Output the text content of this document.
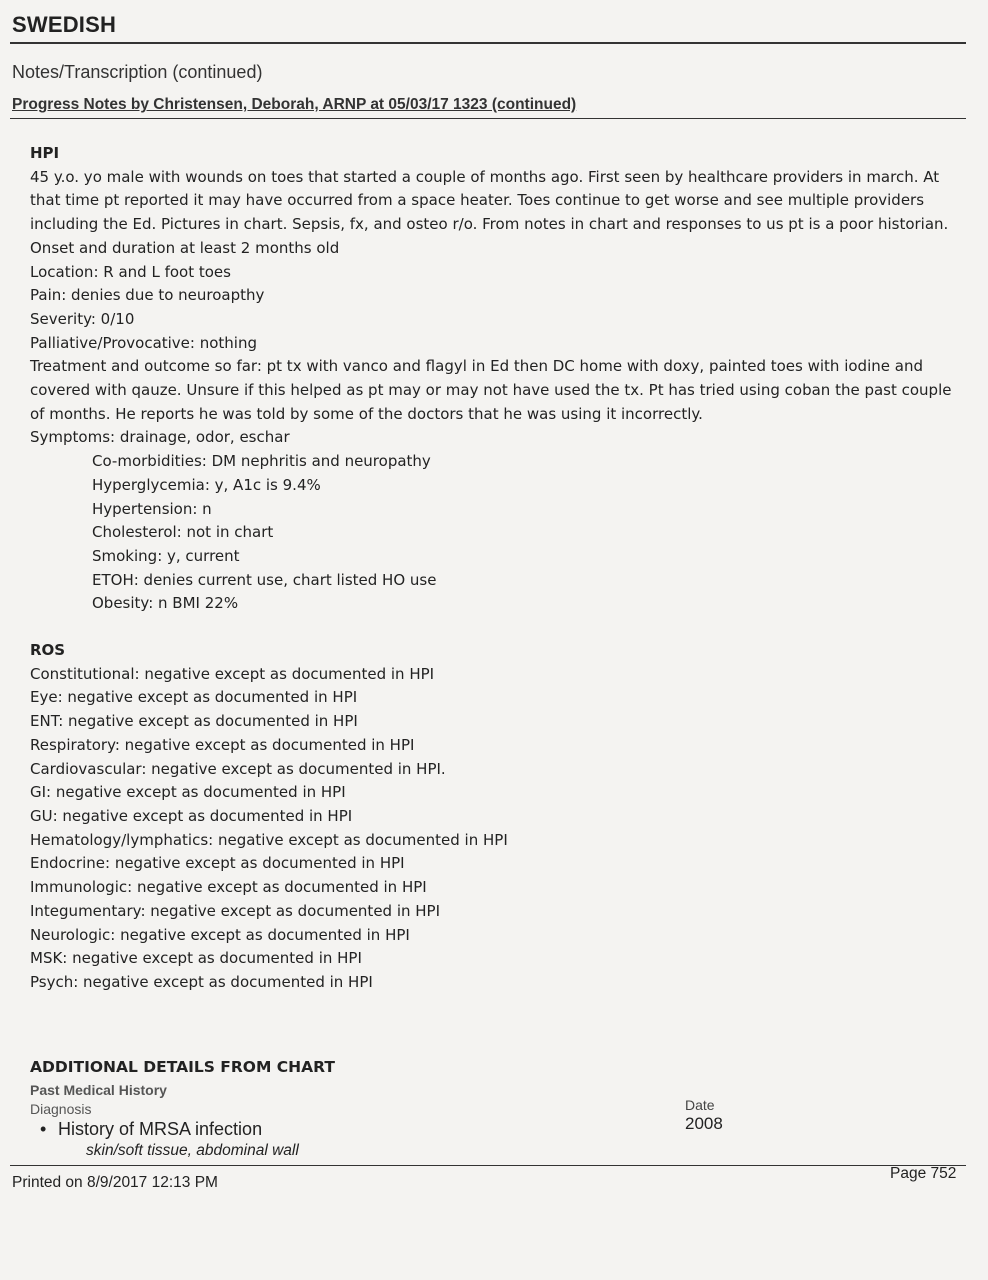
SWEDISH
Notes/Transcription (continued)
Progress Notes by Christensen, Deborah, ARNP at 05/03/17 1323 (continued)
HPI
45 y.o. yo male with wounds on toes that started a couple of months ago. First seen by healthcare providers in march. At that time pt reported it may have occurred from a space heater. Toes continue to get worse and see multiple providers including the Ed. Pictures in chart. Sepsis, fx, and osteo r/o. From notes in chart and responses to us pt is a poor historian.
Onset and duration at least 2 months old
Location: R and L foot toes
Pain: denies due to neuroapthy
Severity: 0/10
Palliative/Provocative: nothing
Treatment and outcome so far: pt tx with vanco and flagyl in Ed then DC home with doxy, painted toes with iodine and covered with qauze. Unsure if this helped as pt may or may not have used the tx. Pt has tried using coban the past couple of months. He reports he was told by some of the doctors that he was using it incorrectly.
Symptoms: drainage, odor, eschar
Co-morbidities: DM nephritis and neuropathy
Hyperglycemia: y, A1c is 9.4%
Hypertension: n
Cholesterol: not in chart
Smoking: y, current
ETOH: denies current use, chart listed HO use
Obesity: n BMI 22%
ROS
Constitutional: negative except as documented in HPI
Eye: negative except as documented in HPI
ENT: negative except as documented in HPI
Respiratory: negative except as documented in HPI
Cardiovascular: negative except as documented in HPI.
GI: negative except as documented in HPI
GU: negative except as documented in HPI
Hematology/lymphatics: negative except as documented in HPI
Endocrine: negative except as documented in HPI
Immunologic: negative except as documented in HPI
Integumentary: negative except as documented in HPI
Neurologic: negative except as documented in HPI
MSK: negative except as documented in HPI
Psych: negative except as documented in HPI
ADDITIONAL DETAILS FROM CHART
Past Medical History
Diagnosis
• History of MRSA infection
skin/soft tissue, abdominal wall
Date
2008
Printed on 8/9/2017 12:13 PM
Page 752
